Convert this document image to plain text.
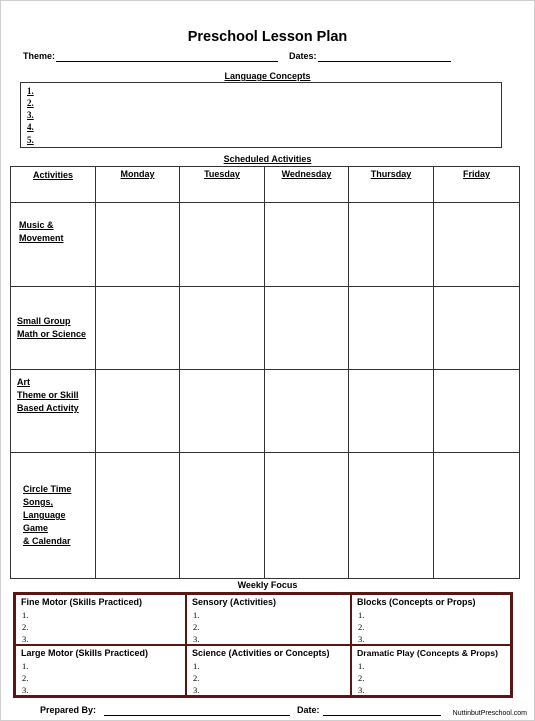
Preschool Lesson Plan
Theme:	Dates:
Language Concepts
1.
2.
3.
4.
5.
Scheduled Activities
Activities	Monday	Tuesday	Wednesday	Thursday	Friday

Music &
Movement					

Small Group
Math or Science					

Art
Theme or Skill
Based Activity					

Circle Time
Songs,
Language
Game
& Calendar					

Weekly Focus
Fine Motor (Skills Practiced)
1.
2.
3.
Sensory (Activities)
1.
2.
3.
Blocks (Concepts or Props)
1.
2.
3.
Large Motor (Skills Practiced)
1.
2.
3.
Science (Activities or Concepts)
1.
2.
3.
Dramatic Play (Concepts & Props)
1.
2.
3.
Prepared By:	Date:	NuttinbutPreschool.com
